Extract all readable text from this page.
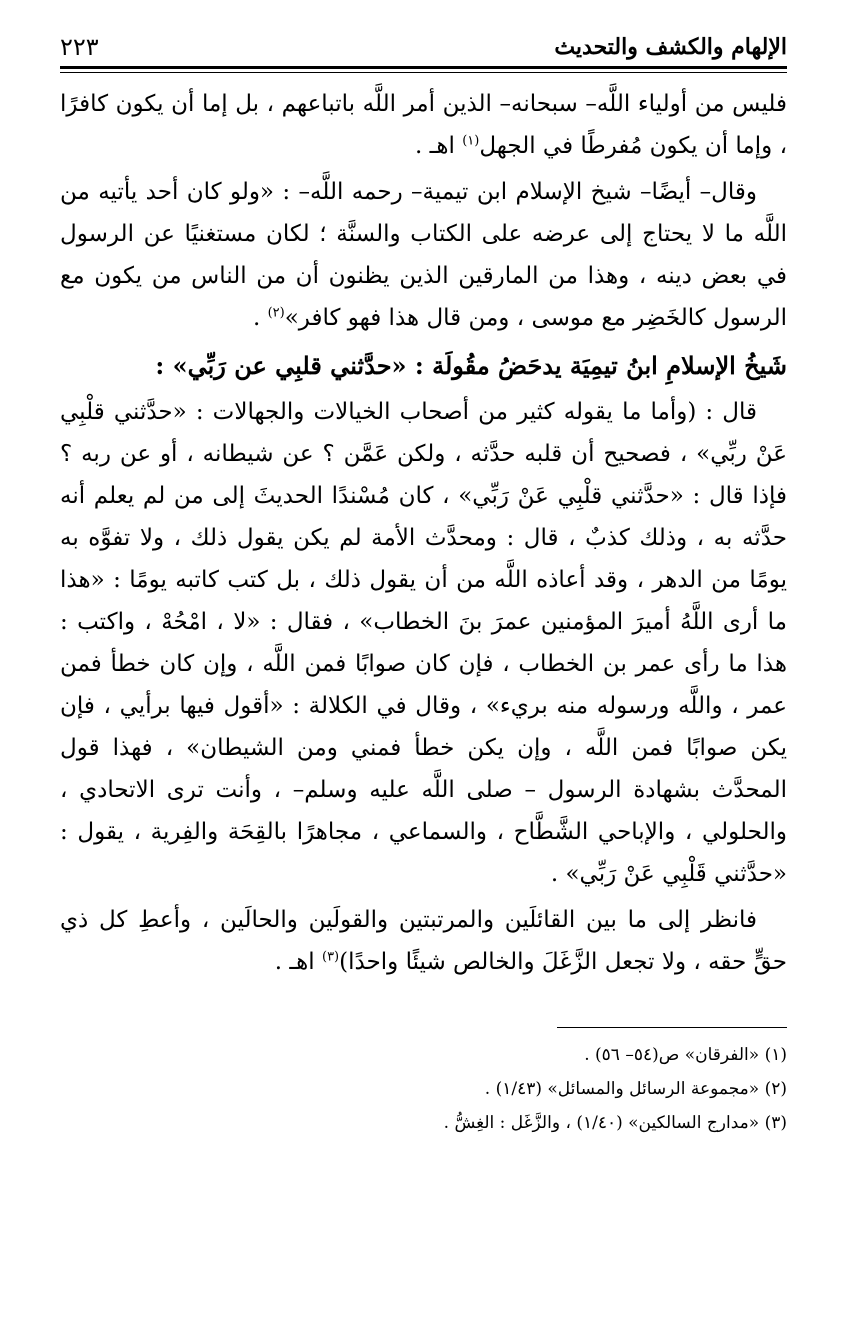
الإلهام والكشف والتحديث
٢٢٣

فليس من أولياء اللَّه– سبحانه– الذين أمر اللَّه باتباعهم ، بل إما أن يكون كافرًا ، وإما أن يكون مُفرطًا في الجهل$^{(١)}$ اهـ .

وقال– أيضًا– شيخ الإسلام ابن تيمية– رحمه اللَّه– : «ولو كان أحد يأتيه من اللَّه ما لا يحتاج إلى عرضه على الكتاب والسنَّة ؛ لكان مستغنيًا عن الرسول في بعض دينه ، وهذا من المارقين الذين يظنون أن من الناس من يكون مع الرسول كالخَضِر مع موسى ، ومن قال هذا فهو كافر»$^{(٢)}$ .

شَيخُ الإسلامِ ابنُ تيمِيَة يدحَضُ مقُولَة : «حدَّثني قلبِي عن رَبِّي» :

قال : (وأما ما يقوله كثير من أصحاب الخيالات والجهالات : «حدَّثني قلْبِي عَنْ ربِّي» ، فصحيح أن قلبه حدَّثه ، ولكن عَمَّن ؟ عن شيطانه ، أو عن ربه ؟ فإذا قال : «حدَّثني قلْبِي عَنْ رَبِّي» ، كان مُسْندًا الحديثَ إلى من لم يعلم أنه حدَّثه به ، وذلك كذبٌ ، قال : ومحدَّث الأمة لم يكن يقول ذلك ، ولا تفوَّه به يومًا من الدهر ، وقد أعاذه اللَّه من أن يقول ذلك ، بل كتب كاتبه يومًا : «هذا ما أرى اللَّهُ أميرَ المؤمنين عمرَ بنَ الخطاب» ، فقال : «لا ، امْحُهْ ، واكتب : هذا ما رأى عمر بن الخطاب ، فإن كان صوابًا فمن اللَّه ، وإن كان خطأ فمن عمر ، واللَّه ورسوله منه بريء» ، وقال في الكلالة : «أقول فيها برأيي ، فإن يكن صوابًا فمن اللَّه ، وإن يكن خطأ فمني ومن الشيطان» ، فهذا قول المحدَّث بشهادة الرسول – صلى اللَّه عليه وسلم– ، وأنت ترى الاتحادي ، والحلولي ، والإباحي الشَّطَّاح ، والسماعي ، مجاهرًا بالقِحَة والفِرية ، يقول : «حدَّثني قَلْبِي عَنْ رَبِّي» .

فانظر إلى ما بين القائلَين والمرتبتين والقولَين والحالَين ، وأعطِ كل ذي حقٍّ حقه ، ولا تجعل الزَّغَلَ والخالص شيئًا واحدًا)$^{(٣)}$ اهـ .

(١) «الفرقان» ص(٥٤– ٥٦) .

(٢) «مجموعة الرسائل والمسائل» (١/٤٣) .

(٣) «مدارج السالكين» (١/٤٠) ، والزَّغَل : الغِشُّ .
